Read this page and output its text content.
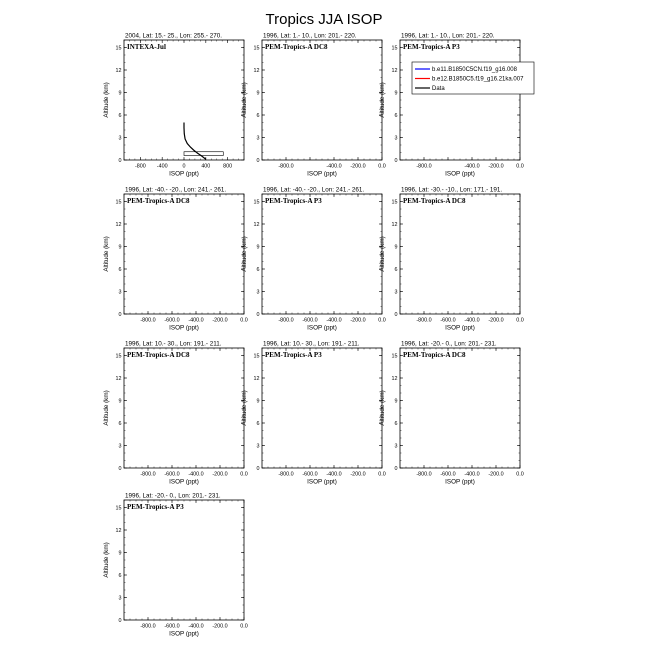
Tropics JJA ISOP
2004, Lat: 15.- 25., Lon: 255.- 270.
INTEXA-Jul
-800 -400	0	400 800
0
3
6
9
12
15
ISOP (ppt)
Altitude (km)
1996, Lat: 1.- 10., Lon: 201.- 220.
PEM-Tropics-A DC8
-800.0	-400.0 -200.0 0.0
0
3
6
9
12
15
ISOP (ppt)
Altitude (km)
1996, Lat: 1.- 10., Lon: 201.- 220.
PEM-Tropics-A P3
-800.0	-400.0 -200.0 0.0
0
3
6
9
12
15
ISOP (ppt)
Altitude (km)
b.e11.B1850C5CN.f19_g16.008
b.e12.B1850C5.f19_g16.21ka.007
Data
1996, Lat: -40.- -20., Lon: 241.- 261.
PEM-Tropics-A DC8
-800.0 -600.0 -400.0 -200.0 0.0
0
3
6
9
12
15
ISOP (ppt)
Altitude (km)
1996, Lat: -40.- -20., Lon: 241.- 261.
PEM-Tropics-A P3
-800.0 -600.0 -400.0 -200.0 0.0
0
3
6
9
12
15
ISOP (ppt)
Altitude (km)
1996, Lat: -30.- -10., Lon: 171.- 191.
PEM-Tropics-A DC8
-800.0 -600.0 -400.0 -200.0 0.0
0
3
6
9
12
15
ISOP (ppt)
Altitude (km)
1996, Lat: 10.- 30., Lon: 191.- 211.
PEM-Tropics-A DC8
-800.0 -600.0 -400.0 -200.0 0.0
0
3
6
9
12
15
ISOP (ppt)
Altitude (km)
1996, Lat: 10.- 30., Lon: 191.- 211.
PEM-Tropics-A P3
-800.0 -600.0 -400.0 -200.0 0.0
0
3
6
9
12
15
ISOP (ppt)
Altitude (km)
1996, Lat: -20.- 0., Lon: 201.- 231.
PEM-Tropics-A DC8
-800.0 -600.0 -400.0 -200.0 0.0
0
3
6
9
12
15
ISOP (ppt)
Altitude (km)
1996, Lat: -20.- 0., Lon: 201.- 231.
PEM-Tropics-A P3
-800.0 -600.0 -400.0 -200.0 0.0
0
3
6
9
12
15
ISOP (ppt)
Altitude (km)
